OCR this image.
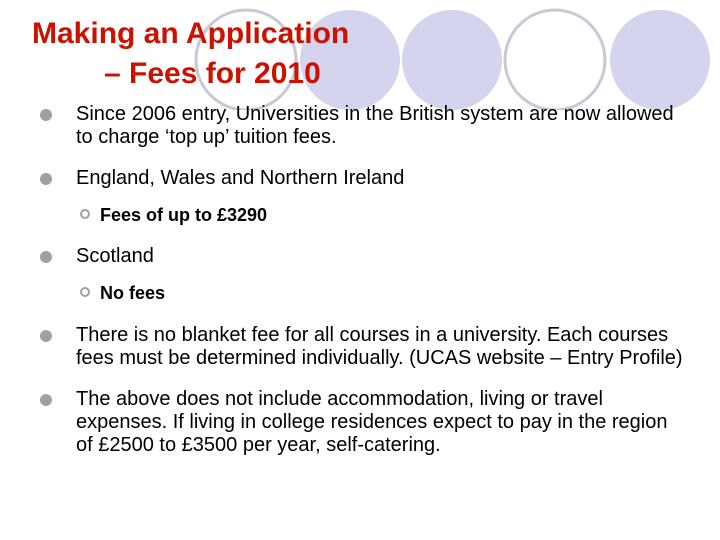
Making an Application
– Fees for 2010
Since 2006 entry, Universities in the British system are now allowed to charge ‘top up’ tuition fees.
England, Wales and Northern Ireland
Fees of up to £3290
Scotland
No fees
There is no blanket fee for all courses in a university. Each courses fees must be determined individually. (UCAS website – Entry Profile)
The above does not include accommodation, living or travel expenses. If living in college residences expect to pay in the region of £2500 to £3500 per year, self-catering.
